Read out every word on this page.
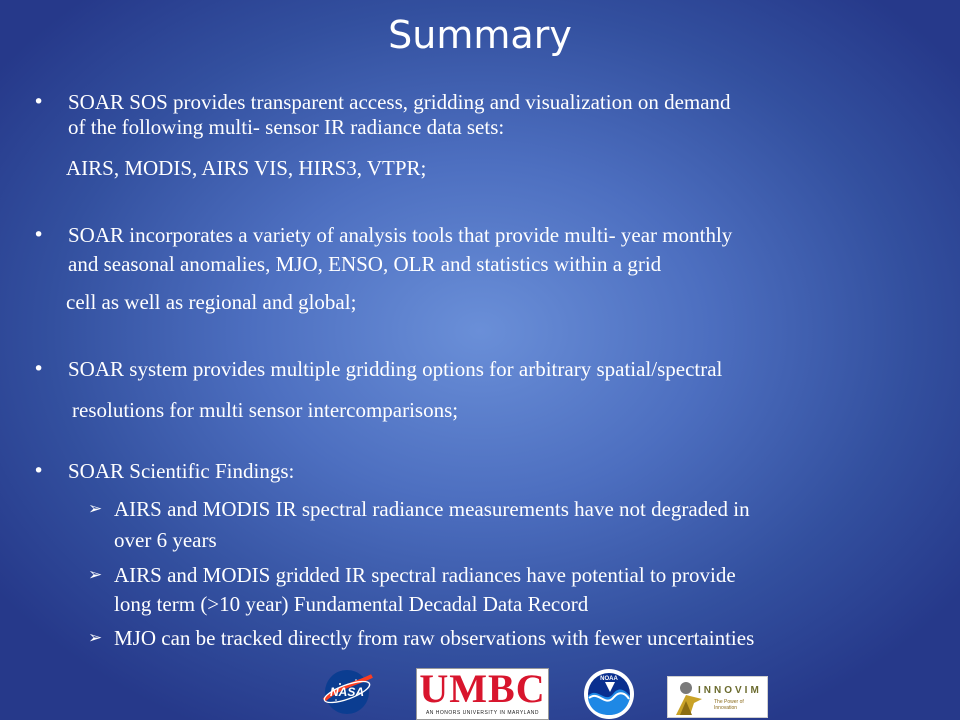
Summary
• SOAR SOS provides transparent access, gridding and visualization on demand
of the following multi- sensor IR radiance data sets:
AIRS, MODIS, AIRS VIS, HIRS3, VTPR;
• SOAR incorporates a variety of analysis tools that provide multi- year monthly
and seasonal anomalies, MJO, ENSO, OLR and statistics within a grid
cell as well as regional and global;
• SOAR system provides multiple gridding options for arbitrary spatial/spectral
resolutions for multi sensor intercomparisons;
• SOAR Scientific Findings:
➢ AIRS and MODIS IR spectral radiance measurements have not degraded in
over 6 years
➢ AIRS and MODIS gridded IR spectral radiances have potential to provide
long term (>10 year) Fundamental Decadal Data Record
➢ MJO can be tracked directly from raw observations with fewer uncertainties
NASA UMBC
AN HONORS UNIVERSITY IN MARYLAND
NOAA
INNOVIM
The Power of Innovation
